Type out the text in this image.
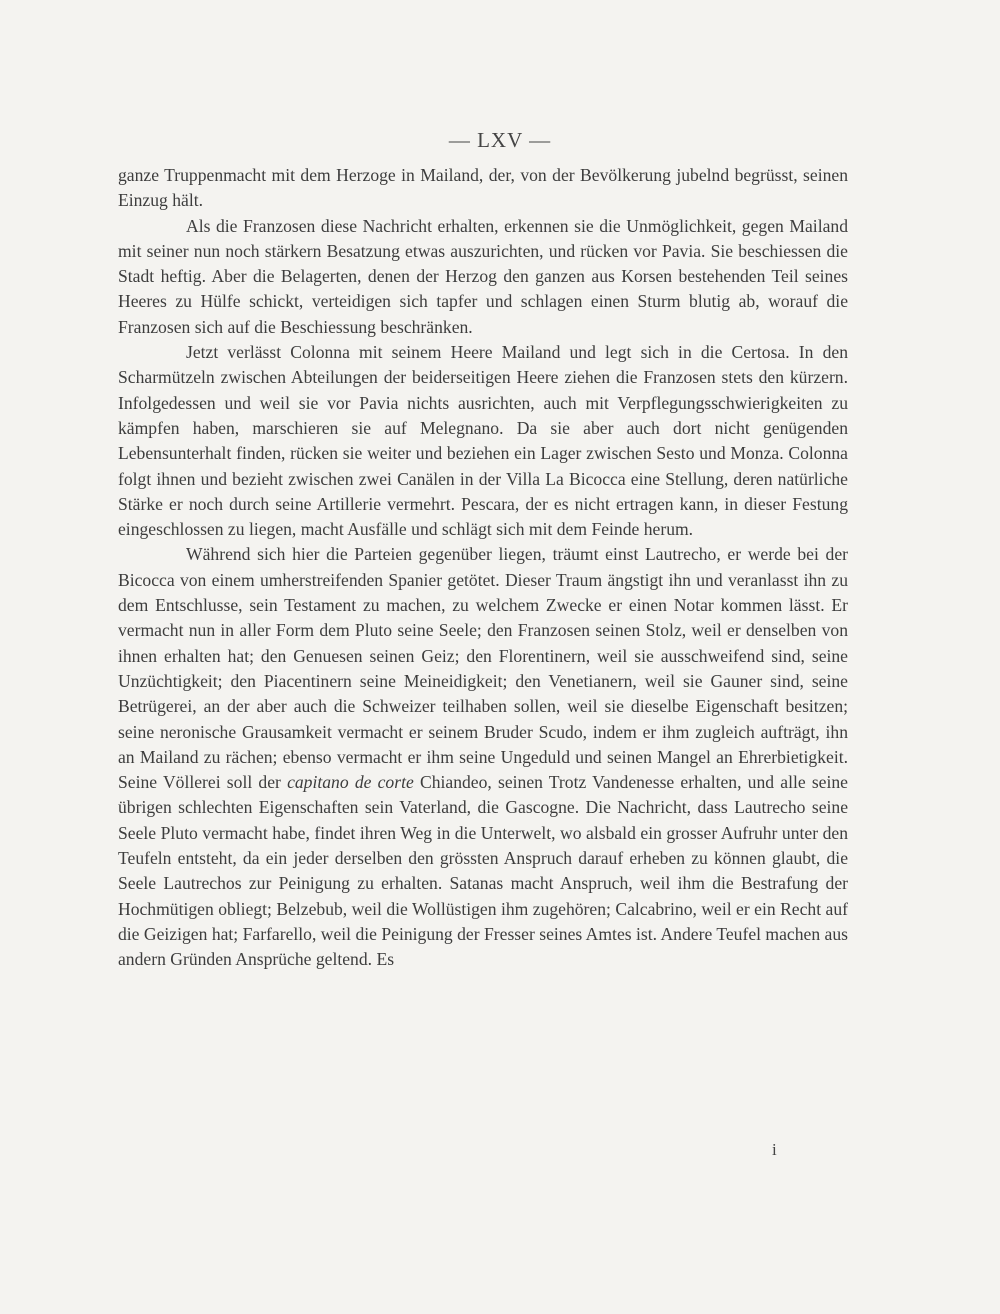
— LXV —

ganze Truppenmacht mit dem Herzoge in Mailand, der, von der Bevölkerung jubelnd begrüsst, seinen Einzug hält.

Als die Franzosen diese Nachricht erhalten, erkennen sie die Unmöglichkeit, gegen Mailand mit seiner nun noch stärkern Besatzung etwas auszurichten, und rücken vor Pavia. Sie beschiessen die Stadt heftig. Aber die Belagerten, denen der Herzog den ganzen aus Korsen bestehenden Teil seines Heeres zu Hülfe schickt, verteidigen sich tapfer und schlagen einen Sturm blutig ab, worauf die Franzosen sich auf die Beschiessung beschränken.

Jetzt verlässt Colonna mit seinem Heere Mailand und legt sich in die Certosa. In den Scharmützeln zwischen Abteilungen der beiderseitigen Heere ziehen die Franzosen stets den kürzern. Infolgedessen und weil sie vor Pavia nichts ausrichten, auch mit Verpflegungsschwierigkeiten zu kämpfen haben, marschieren sie auf Melegnano. Da sie aber auch dort nicht genügenden Lebensunterhalt finden, rücken sie weiter und beziehen ein Lager zwischen Sesto und Monza. Colonna folgt ihnen und bezieht zwischen zwei Canälen in der Villa La Bicocca eine Stellung, deren natürliche Stärke er noch durch seine Artillerie vermehrt. Pescara, der es nicht ertragen kann, in dieser Festung eingeschlossen zu liegen, macht Ausfälle und schlägt sich mit dem Feinde herum.

Während sich hier die Parteien gegenüber liegen, träumt einst Lautrecho, er werde bei der Bicocca von einem umherstreifenden Spanier getötet. Dieser Traum ängstigt ihn und veranlasst ihn zu dem Entschlusse, sein Testament zu machen, zu welchem Zwecke er einen Notar kommen lässt. Er vermacht nun in aller Form dem Pluto seine Seele; den Franzosen seinen Stolz, weil er denselben von ihnen erhalten hat; den Genuesen seinen Geiz; den Florentinern, weil sie ausschweifend sind, seine Unzüchtigkeit; den Piacentinern seine Meineidigkeit; den Venetianern, weil sie Gauner sind, seine Betrügerei, an der aber auch die Schweizer teilhaben sollen, weil sie dieselbe Eigenschaft besitzen; seine neronische Grausamkeit vermacht er seinem Bruder Scudo, indem er ihm zugleich aufträgt, ihn an Mailand zu rächen; ebenso vermacht er ihm seine Ungeduld und seinen Mangel an Ehrerbietigkeit. Seine Völlerei soll der capitano de corte Chiandeo, seinen Trotz Vandenesse erhalten, und alle seine übrigen schlechten Eigenschaften sein Vaterland, die Gascogne. Die Nachricht, dass Lautrecho seine Seele Pluto vermacht habe, findet ihren Weg in die Unterwelt, wo alsbald ein grosser Aufruhr unter den Teufeln entsteht, da ein jeder derselben den grössten Anspruch darauf erheben zu können glaubt, die Seele Lautrechos zur Peinigung zu erhalten. Satanas macht Anspruch, weil ihm die Bestrafung der Hochmütigen obliegt; Belzebub, weil die Wollüstigen ihm zugehören; Calcabrino, weil er ein Recht auf die Geizigen hat; Farfarello, weil die Peinigung der Fresser seines Amtes ist. Andere Teufel machen aus andern Gründen Ansprüche geltend. Es

i
